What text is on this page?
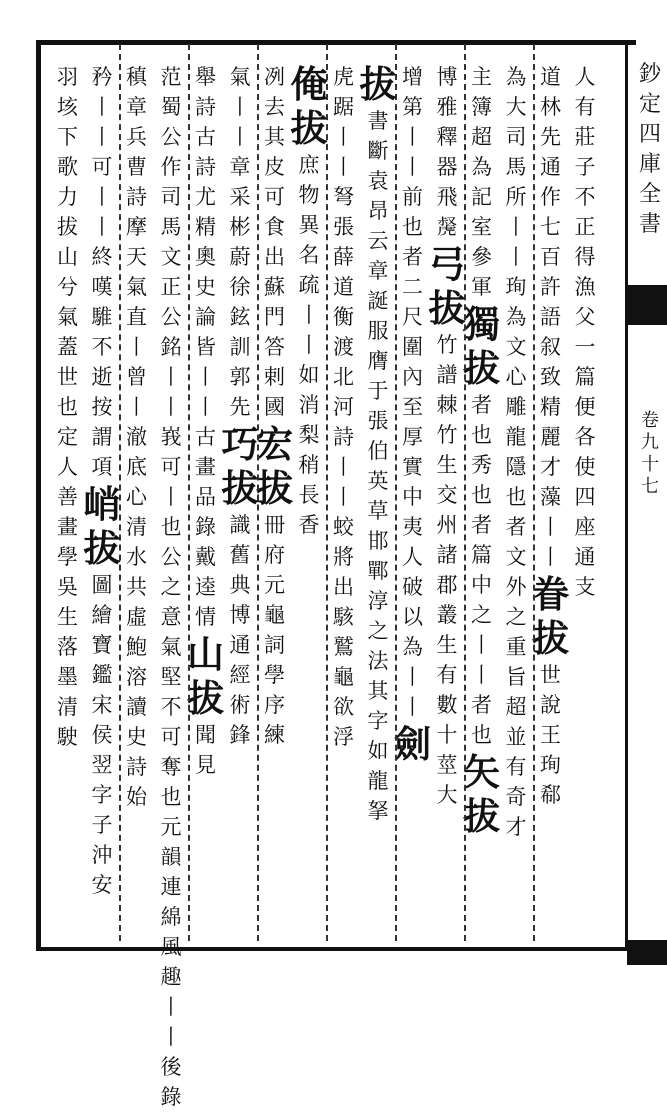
鈔定四庫全書
卷九十七
人有莊子不正得漁父一篇便各使四座通支
道林先通作七百許語叙致精麗才藻丨丨
眷拔
世說王珣郗
為大司馬所丨丨珣為文心雕龍隱也者文外之重旨
超並有奇才
主簿超為記室參軍
獨拔
者也秀也者篇中之丨丨者也
矢拔
博雅釋器飛𧇝
弓拔
竹譜棘竹生交州諸郡叢生有數十莖大
增第丨丨前也
者二尺圍內至厚實中夷人破以為丨丨
劍
拔
書斷
袁昂云章誕服膺于張伯英草邯鄲淳之法其字如龍拏
虎踞丨丨弩張薛道衡渡北河詩丨丨蛟將出駭鷲龜欲浮
俺拔
庶物異名疏丨丨如消梨稍長香
冽去其皮可食出蘇門答剌國
宏拔
冊府元龜詞學序練
氣丨丨章采彬蔚徐鉉訓郭先
巧拔
識舊典博通經術鋒
舉詩古詩尤精奧史論皆丨丨
古畫品錄戴逵情
山拔
聞見
范蜀公作司馬文正公銘丨丨峩可丨也公之意氣堅不可奪也元
韻連綿風趣丨丨
後錄
稹章兵曹詩摩天氣直丨曾丨澈底心清水共虛鮑溶讀史詩始
矜丨丨可丨丨終嘆騅不逝按謂項
峭拔
圖繪寶鑑宋侯翌字子沖安
羽垓下歌力拔山兮氣蓋世也
定人善畫學吳生落墨清駛
